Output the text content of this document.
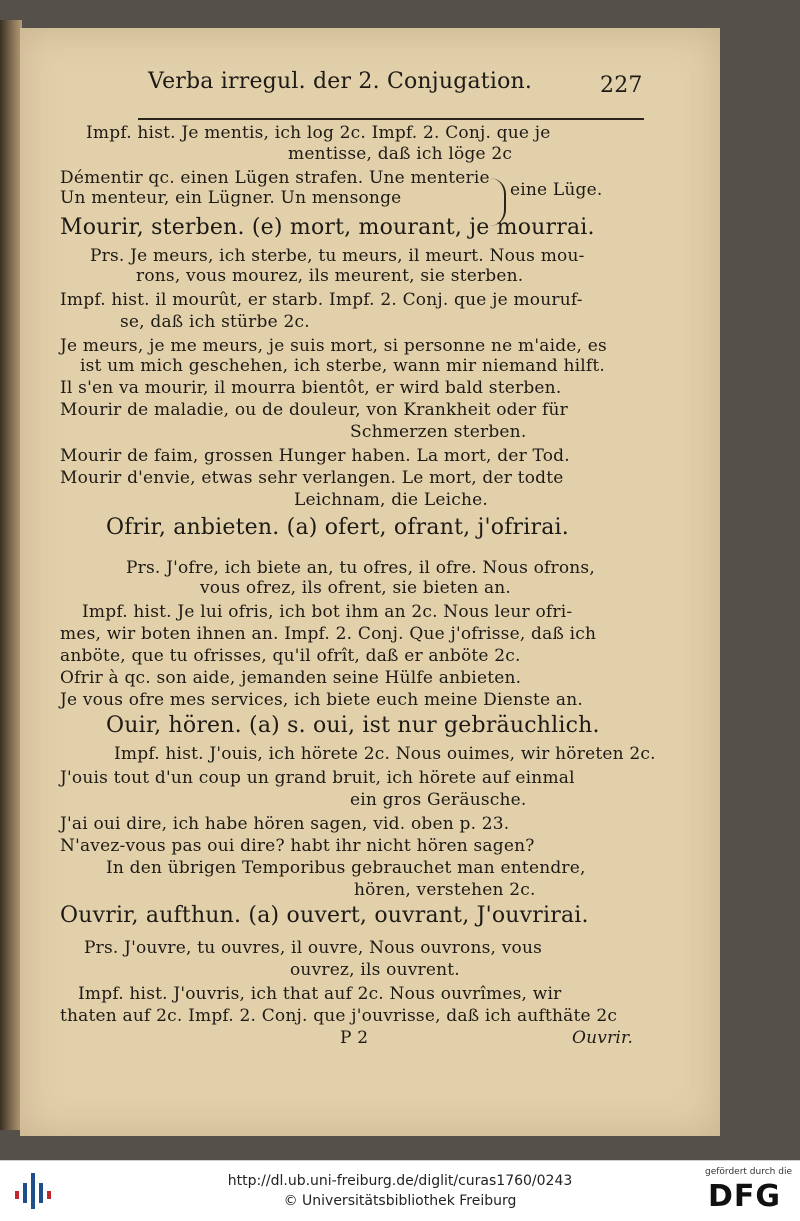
Verba irregul. der 2. Conjugation.	227
Impf. hist. Je mentis, ich log 2c. Impf. 2. Conj. que je
mentisse, daß ich löge 2c
Démentir qc. einen Lügen strafen. Une menterie
Un menteur, ein Lügner. Un mensonge	eine Lüge.
Mourir, sterben. (e) mort, mourant, je mourrai.
Prs. Je meurs, ich sterbe, tu meurs, il meurt. Nous mou-
rons, vous mourez, ils meurent, sie sterben.
Impf. hist. il mourût, er starb. Impf. 2. Conj. que je mouruf-
se, daß ich stürbe 2c.
Je meurs, je me meurs, je suis mort, si personne ne m'aide, es
ist um mich geschehen, ich sterbe, wann mir niemand hilft.
Il s'en va mourir, il mourra bientôt, er wird bald sterben.
Mourir de maladie, ou de douleur, von Krankheit oder für
Schmerzen sterben.
Mourir de faim, grossen Hunger haben. La mort, der Tod.
Mourir d'envie, etwas sehr verlangen. Le mort, der todte
Leichnam, die Leiche.
Ofrir, anbieten. (a) ofert, ofrant, j'ofrirai.
Prs. J'ofre, ich biete an, tu ofres, il ofre. Nous ofrons,
vous ofrez, ils ofrent, sie bieten an.
Impf. hist. Je lui ofris, ich bot ihm an 2c. Nous leur ofri-
mes, wir boten ihnen an. Impf. 2. Conj. Que j'ofrisse, daß ich
anböte, que tu ofrisses, qu'il ofrît, daß er anböte 2c.
Ofrir à qc. son aide, jemanden seine Hülfe anbieten.
Je vous ofre mes services, ich biete euch meine Dienste an.
Ouir, hören. (a) s. oui, ist nur gebräuchlich.
Impf. hist. J'ouis, ich hörete 2c. Nous ouimes, wir höreten 2c.
J'ouis tout d'un coup un grand bruit, ich hörete auf einmal
ein gros Geräusche.
J'ai oui dire, ich habe hören sagen, vid. oben p. 23.
N'avez-vous pas oui dire? habt ihr nicht hören sagen?
In den übrigen Temporibus gebrauchet man entendre,
hören, verstehen 2c.
Ouvrir, aufthun. (a) ouvert, ouvrant, J'ouvrirai.
Prs. J'ouvre, tu ouvres, il ouvre, Nous ouvrons, vous
ouvrez, ils ouvrent.
Impf. hist. J'ouvris, ich that auf 2c. Nous ouvrîmes, wir
thaten auf 2c. Impf. 2. Conj. que j'ouvrisse, daß ich aufthäte 2c
P 2	Ouvrir.
http://dl.ub.uni-freiburg.de/diglit/curas1760/0243
© Universitätsbibliothek Freiburg
gefördert durch die
DFG
